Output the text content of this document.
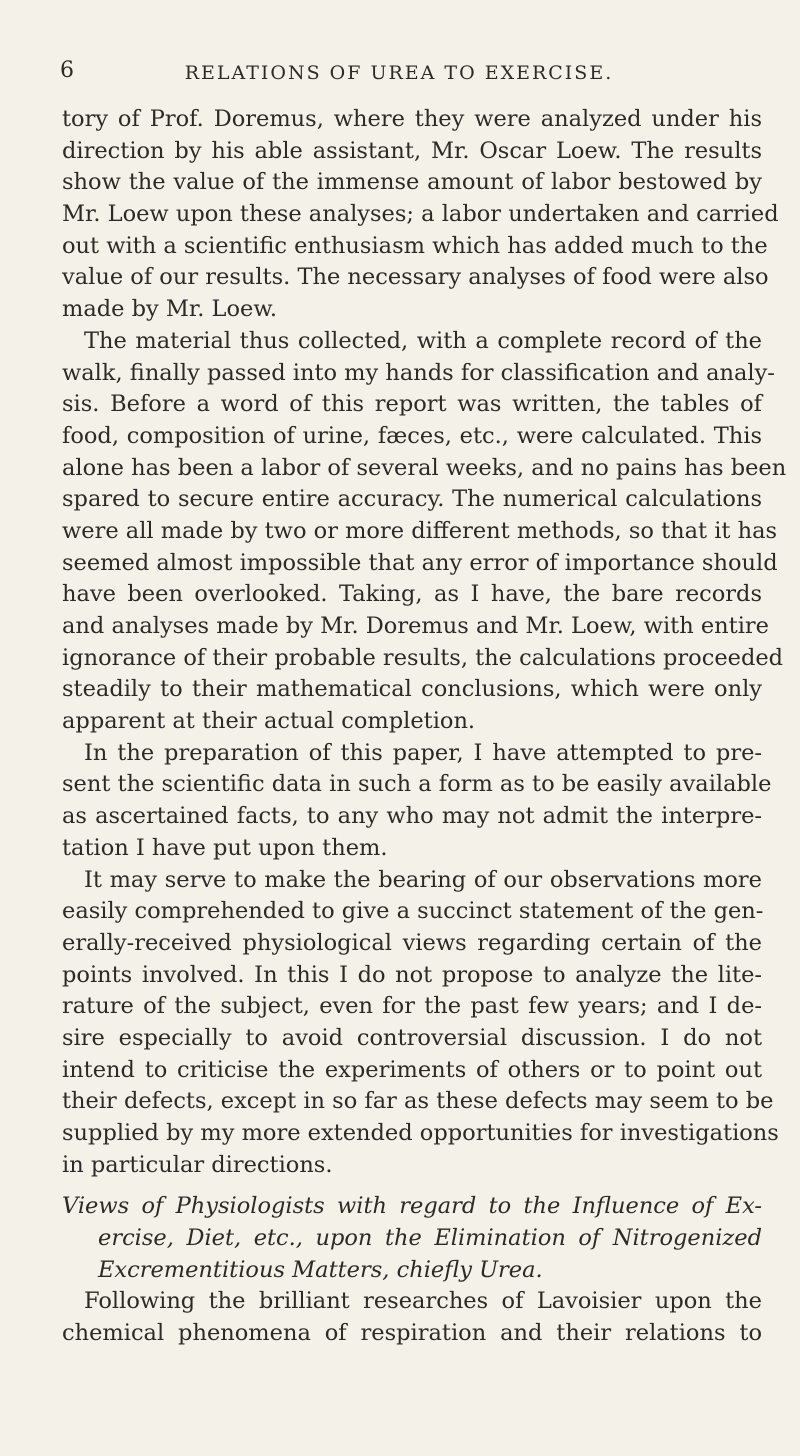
6	RELATIONS OF UREA TO EXERCISE.
tory of Prof. Doremus, where they were analyzed under his
direction by his able assistant, Mr. Oscar Loew. The results
show the value of the immense amount of labor bestowed by
Mr. Loew upon these analyses; a labor undertaken and carried
out with a scientific enthusiasm which has added much to the
value of our results. The necessary analyses of food were also
made by Mr. Loew.
The material thus collected, with a complete record of the
walk, finally passed into my hands for classification and analy-
sis. Before a word of this report was written, the tables of
food, composition of urine, fæces, etc., were calculated. This
alone has been a labor of several weeks, and no pains has been
spared to secure entire accuracy. The numerical calculations
were all made by two or more different methods, so that it has
seemed almost impossible that any error of importance should
have been overlooked. Taking, as I have, the bare records
and analyses made by Mr. Doremus and Mr. Loew, with entire
ignorance of their probable results, the calculations proceeded
steadily to their mathematical conclusions, which were only
apparent at their actual completion.
In the preparation of this paper, I have attempted to pre-
sent the scientific data in such a form as to be easily available
as ascertained facts, to any who may not admit the interpre-
tation I have put upon them.
It may serve to make the bearing of our observations more
easily comprehended to give a succinct statement of the gen-
erally-received physiological views regarding certain of the
points involved. In this I do not propose to analyze the lite-
rature of the subject, even for the past few years; and I de-
sire especially to avoid controversial discussion. I do not
intend to criticise the experiments of others or to point out
their defects, except in so far as these defects may seem to be
supplied by my more extended opportunities for investigations
in particular directions.
Views of Physiologists with regard to the Influence of Ex-
ercise, Diet, etc., upon the Elimination of Nitrogenized
Excrementitious Matters, chiefly Urea.
Following the brilliant researches of Lavoisier upon the
chemical phenomena of respiration and their relations to
